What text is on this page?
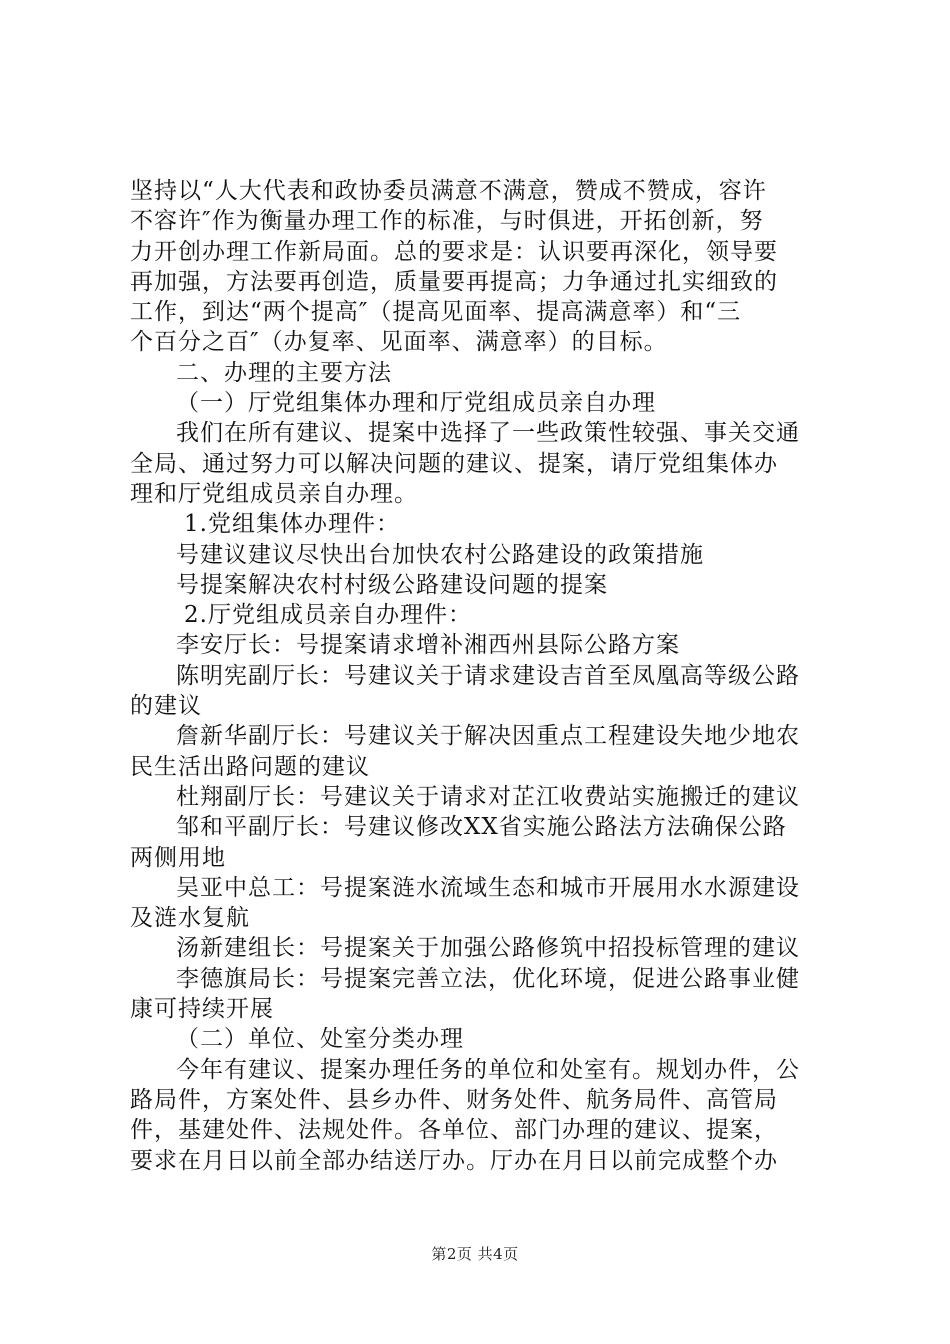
坚持以“人大代表和政协委员满意不满意，赞成不赞成，容许
不容许″作为衡量办理工作的标准，与时俱进，开拓创新，努
力开创办理工作新局面。总的要求是：认识要再深化，领导要
再加强，方法要再创造，质量要再提高；力争通过扎实细致的
工作，到达“两个提高″（提高见面率、提高满意率）和“三
个百分之百″（办复率、见面率、满意率）的目标。
二、办理的主要方法
（一）厅党组集体办理和厅党组成员亲自办理
我们在所有建议、提案中选择了一些政策性较强、事关交通
全局、通过努力可以解决问题的建议、提案，请厅党组集体办
理和厅党组成员亲自办理。
1.党组集体办理件：
号建议建议尽快出台加快农村公路建设的政策措施
号提案解决农村村级公路建设问题的提案
2.厅党组成员亲自办理件：
李安厅长：号提案请求增补湘西州县际公路方案
陈明宪副厅长：号建议关于请求建设吉首至凤凰高等级公路
的建议
詹新华副厅长：号建议关于解决因重点工程建设失地少地农
民生活出路问题的建议
杜翔副厅长：号建议关于请求对芷江收费站实施搬迁的建议
邹和平副厅长：号建议修改XX省实施公路法方法确保公路
两侧用地
吴亚中总工：号提案涟水流域生态和城市开展用水水源建设
及涟水复航
汤新建组长：号提案关于加强公路修筑中招投标管理的建议
李德旗局长：号提案完善立法，优化环境，促进公路事业健
康可持续开展
（二）单位、处室分类办理
今年有建议、提案办理任务的单位和处室有。规划办件，公
路局件，方案处件、县乡办件、财务处件、航务局件、高管局
件，基建处件、法规处件。各单位、部门办理的建议、提案，
要求在月日以前全部办结送厅办。厅办在月日以前完成整个办
第2页 共4页
